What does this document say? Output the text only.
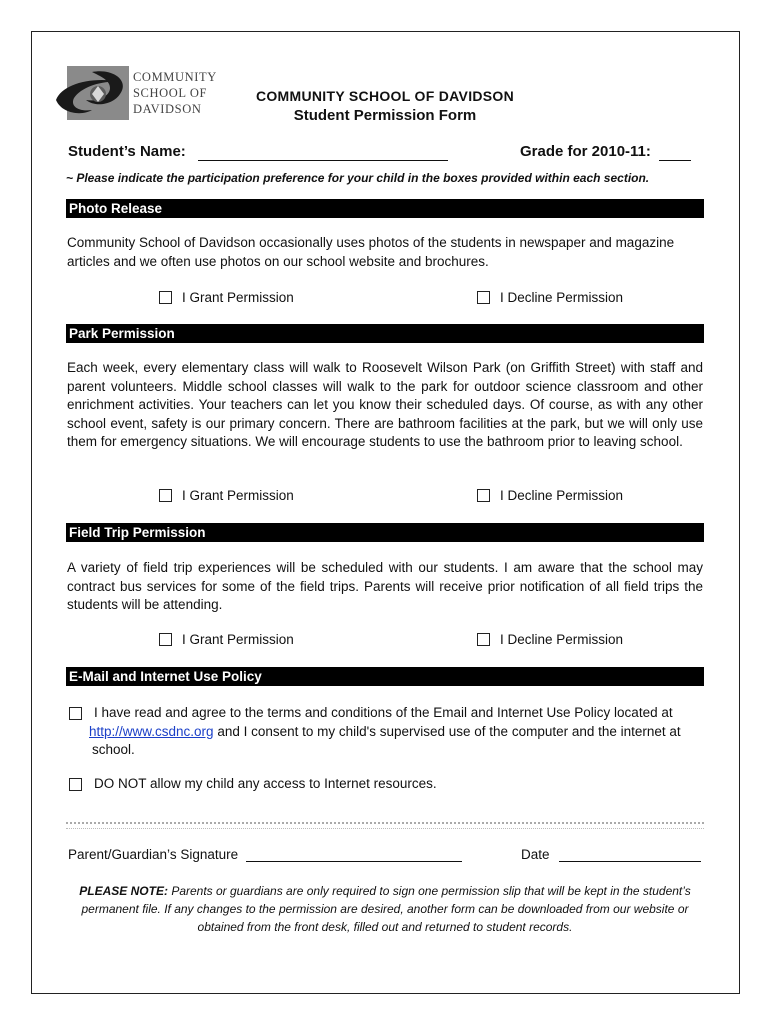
COMMUNITY
SCHOOL OF
DAVIDSON
COMMUNITY SCHOOL OF DAVIDSON
Student Permission Form
Student’s Name:	Grade for 2010-11:
~ Please indicate the participation preference for your child in the boxes provided within each section.
Photo Release
Community School of Davidson occasionally uses photos of the students in newspaper and magazine articles and we often use photos on our school website and brochures.
I Grant Permission	I Decline Permission
Park Permission
Each week, every elementary class will walk to Roosevelt Wilson Park (on Griffith Street) with staff and parent volunteers. Middle school classes will walk to the park for outdoor science classroom and other enrichment activities. Your teachers can let you know their scheduled days. Of course, as with any other school event, safety is our primary concern. There are bathroom facilities at the park, but we will only use them for emergency situations. We will encourage students to use the bathroom prior to leaving school.
I Grant Permission	I Decline Permission
Field Trip Permission
A variety of field trip experiences will be scheduled with our students. I am aware that the school may contract bus services for some of the field trips. Parents will receive prior notification of all field trips the students will be attending.
I Grant Permission	I Decline Permission
E-Mail and Internet Use Policy
I have read and agree to the terms and conditions of the Email and Internet Use Policy located at
http://www.csdnc.org and I consent to my child's supervised use of the computer and the internet at school.
DO NOT allow my child any access to Internet resources.
Parent/Guardian’s Signature	Date
PLEASE NOTE: Parents or guardians are only required to sign one permission slip that will be kept in the student’s permanent file. If any changes to the permission are desired, another form can be downloaded from our website or obtained from the front desk, filled out and returned to student records.
